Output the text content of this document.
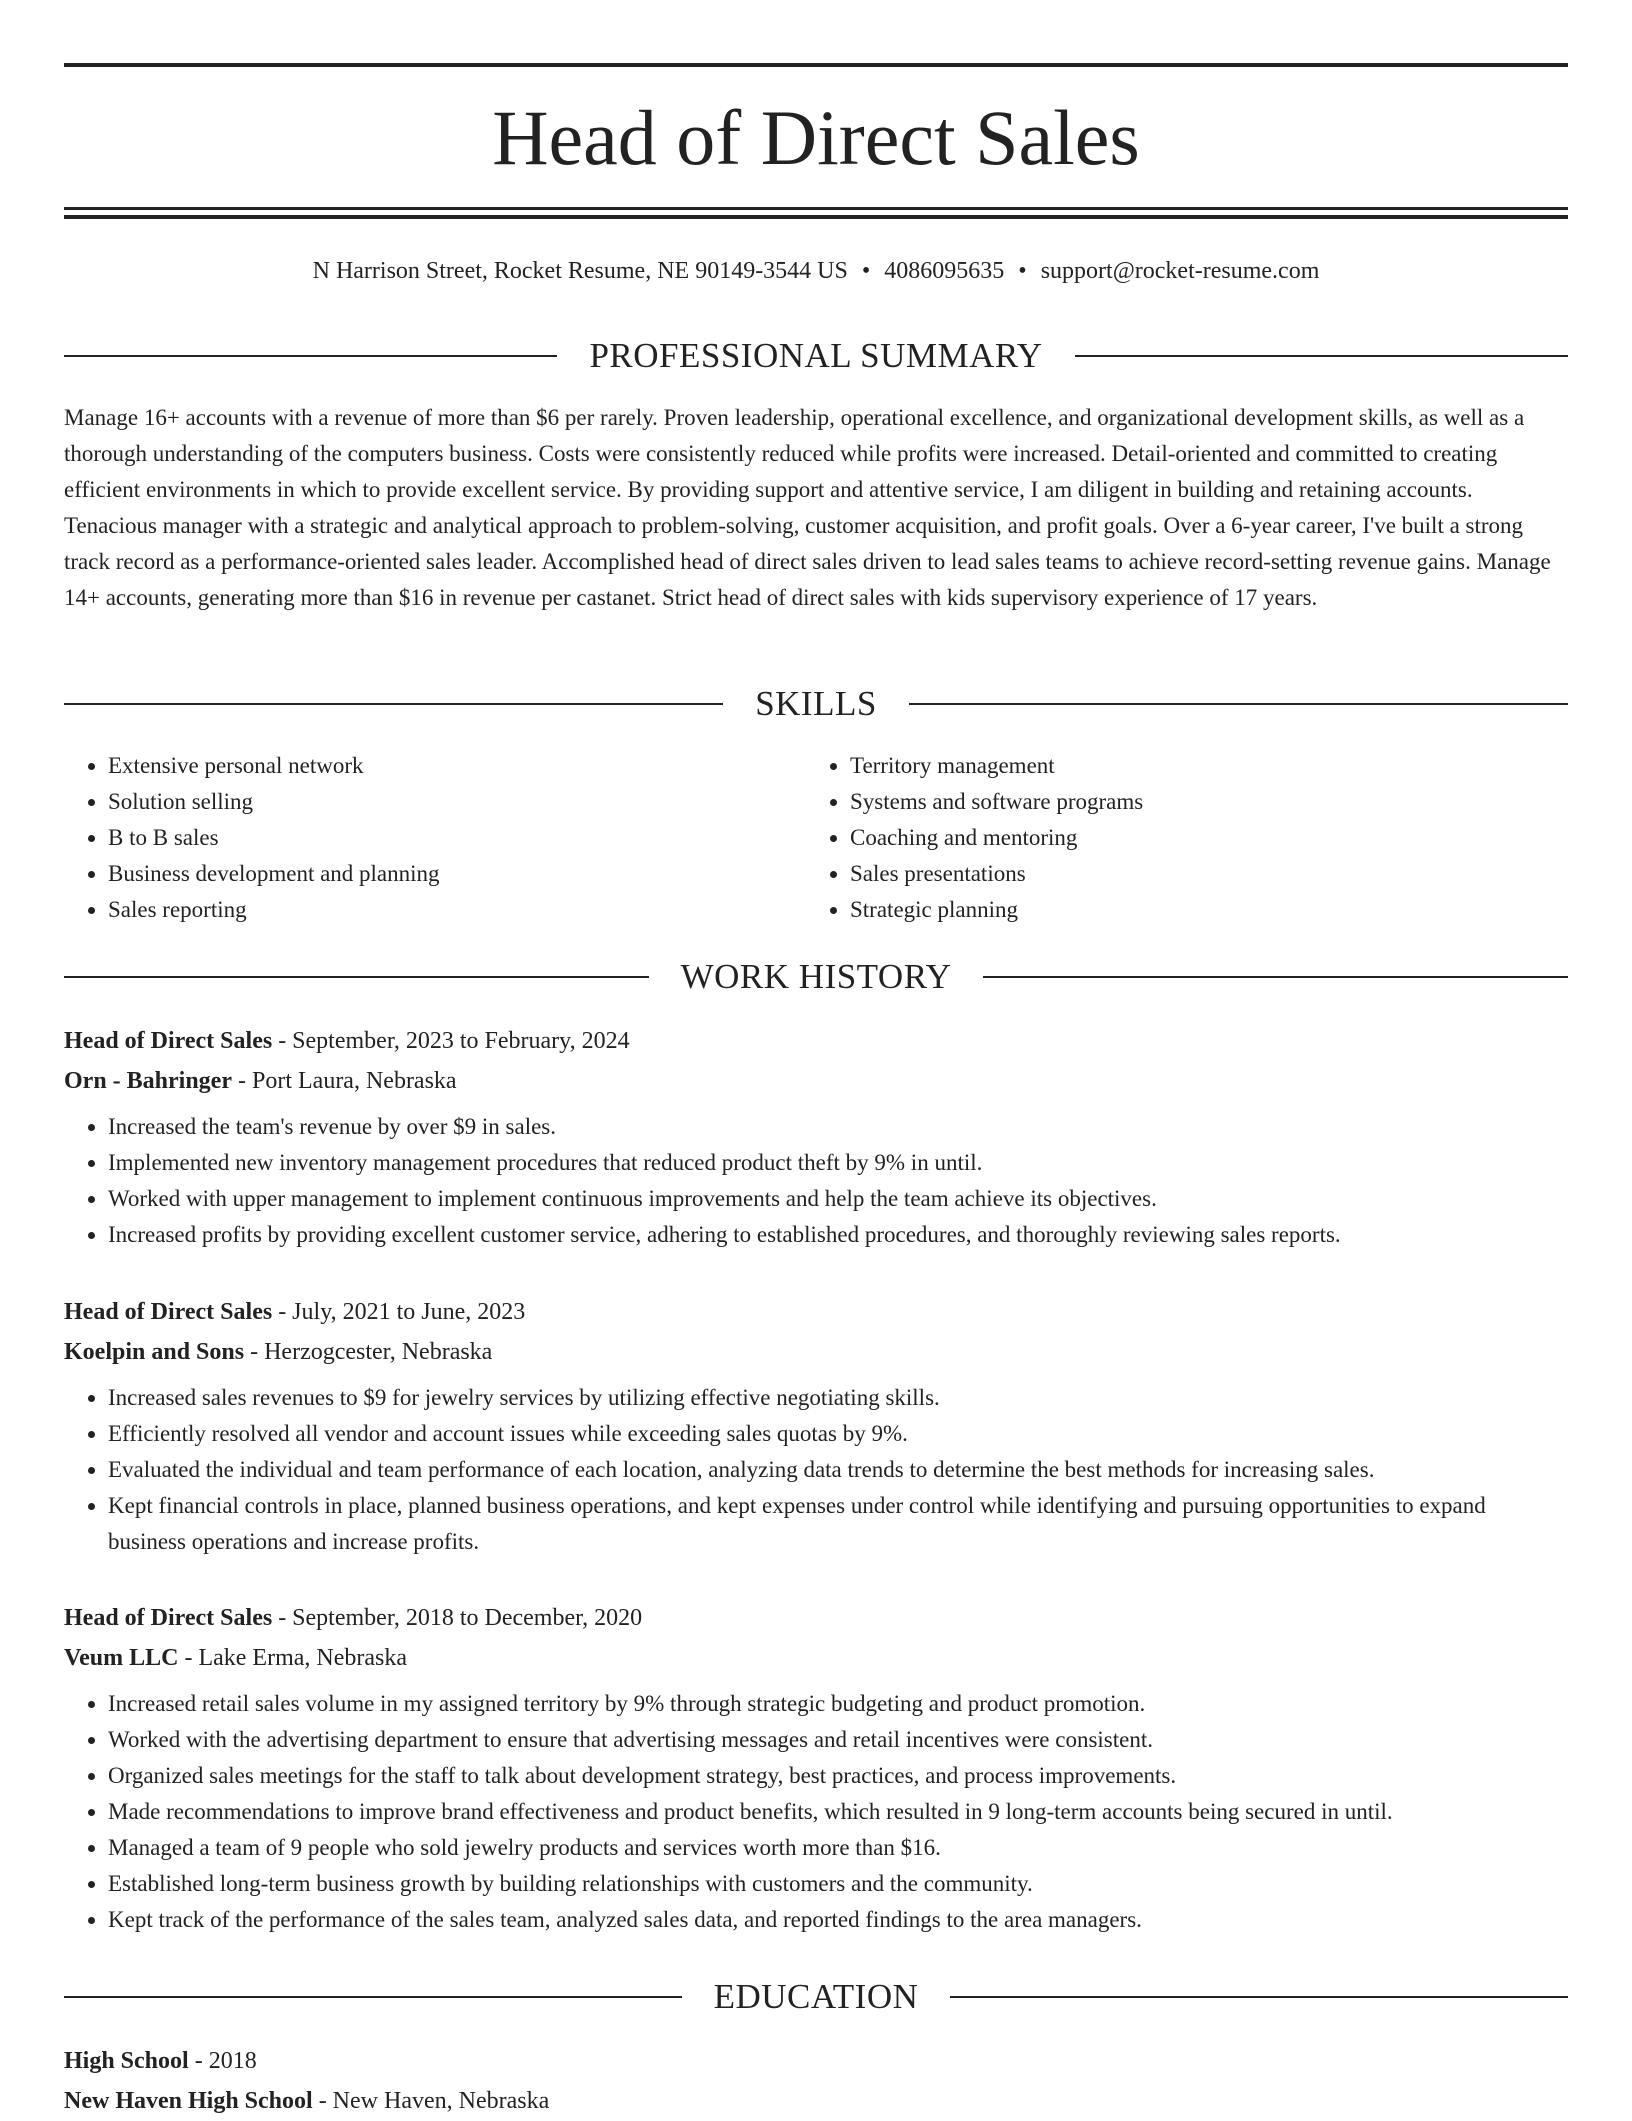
Head of Direct Sales
N Harrison Street, Rocket Resume, NE 90149-3544 US • 4086095635 • support@rocket-resume.com
PROFESSIONAL SUMMARY

Manage 16+ accounts with a revenue of more than $6 per rarely. Proven leadership, operational excellence, and organizational development skills, as well as a thorough understanding of the computers business. Costs were consistently reduced while profits were increased. Detail-oriented and committed to creating efficient environments in which to provide excellent service. By providing support and attentive service, I am diligent in building and retaining accounts. Tenacious manager with a strategic and analytical approach to problem-solving, customer acquisition, and profit goals. Over a 6-year career, I've built a strong track record as a performance-oriented sales leader. Accomplished head of direct sales driven to lead sales teams to achieve record-setting revenue gains. Manage 14+ accounts, generating more than $16 in revenue per castanet. Strict head of direct sales with kids supervisory experience of 17 years.

SKILLS
• Extensive personal network
• Solution selling
• B to B sales
• Business development and planning
• Sales reporting
• Territory management
• Systems and software programs
• Coaching and mentoring
• Sales presentations
• Strategic planning
WORK HISTORY
Head of Direct Sales - September, 2023 to February, 2024
Orn - Bahringer - Port Laura, Nebraska
• Increased the team's revenue by over $9 in sales.
• Implemented new inventory management procedures that reduced product theft by 9% in until.
• Worked with upper management to implement continuous improvements and help the team achieve its objectives.
• Increased profits by providing excellent customer service, adhering to established procedures, and thoroughly reviewing sales reports.
Head of Direct Sales - July, 2021 to June, 2023
Koelpin and Sons - Herzogcester, Nebraska
• Increased sales revenues to $9 for jewelry services by utilizing effective negotiating skills.
• Efficiently resolved all vendor and account issues while exceeding sales quotas by 9%.
• Evaluated the individual and team performance of each location, analyzing data trends to determine the best methods for increasing sales.
• Kept financial controls in place, planned business operations, and kept expenses under control while identifying and pursuing opportunities to expand business operations and increase profits.
Head of Direct Sales - September, 2018 to December, 2020
Veum LLC - Lake Erma, Nebraska
• Increased retail sales volume in my assigned territory by 9% through strategic budgeting and product promotion.
• Worked with the advertising department to ensure that advertising messages and retail incentives were consistent.
• Organized sales meetings for the staff to talk about development strategy, best practices, and process improvements.
• Made recommendations to improve brand effectiveness and product benefits, which resulted in 9 long-term accounts being secured in until.
• Managed a team of 9 people who sold jewelry products and services worth more than $16.
• Established long-term business growth by building relationships with customers and the community.
• Kept track of the performance of the sales team, analyzed sales data, and reported findings to the area managers.
EDUCATION
High School - 2018
New Haven High School - New Haven, Nebraska
